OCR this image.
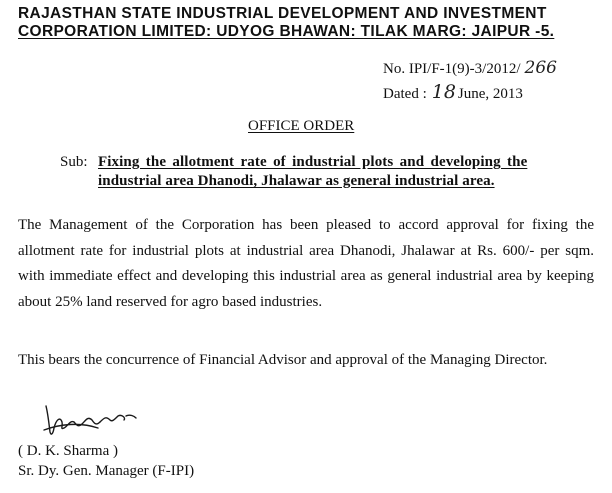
RAJASTHAN STATE INDUSTRIAL DEVELOPMENT AND INVESTMENT
CORPORATION LIMITED: UDYOG BHAWAN: TILAK MARG: JAIPUR -5.
No. IPI/F-1(9)-3/2012/ 266
Dated : 18 June, 2013
OFFICE ORDER
Sub: Fixing the allotment rate of industrial plots and developing the
industrial area Dhanodi, Jhalawar as general industrial area.
The Management of the Corporation has been pleased to accord approval for fixing the allotment rate for industrial plots at industrial area Dhanodi, Jhalawar at Rs. 600/- per sqm. with immediate effect and developing this industrial area as general industrial area by keeping about 25% land reserved for agro based industries.
This bears the concurrence of Financial Advisor and approval of the Managing Director.
( D. K. Sharma )
Sr. Dy. Gen. Manager (F-IPI)
